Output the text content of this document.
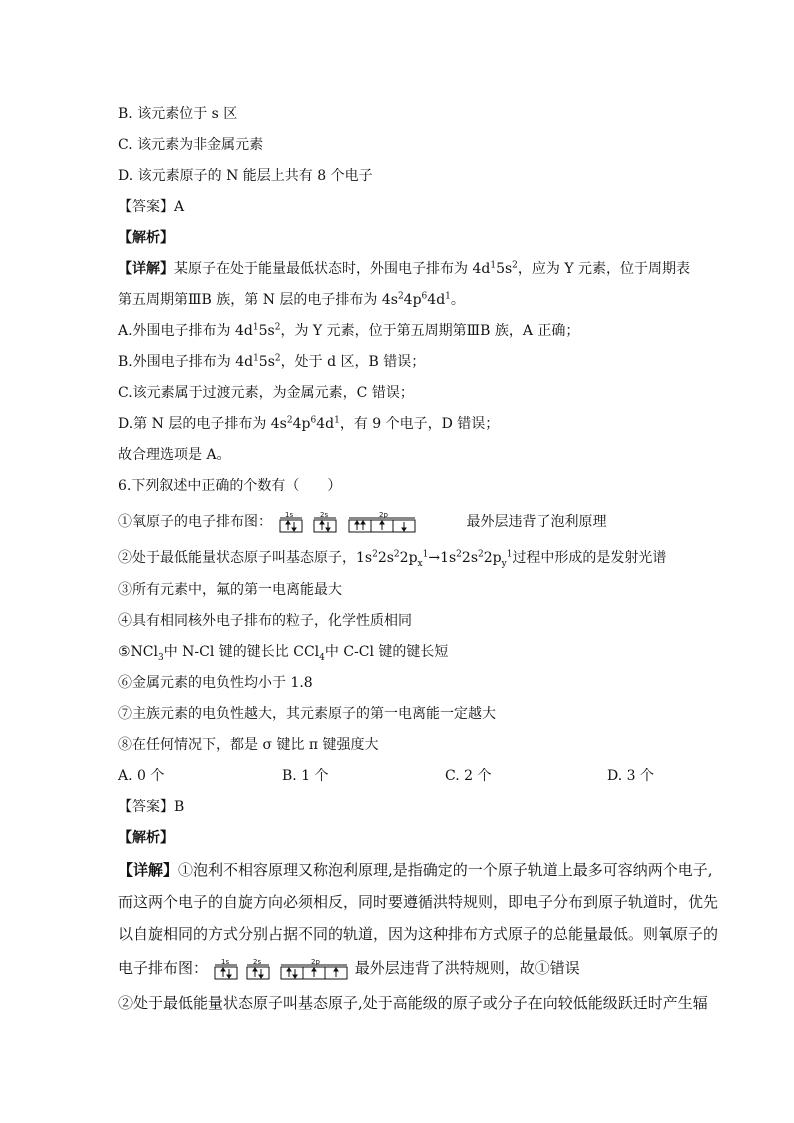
B. 该元素位于 s 区
C. 该元素为非金属元素
D. 该元素原子的 N 能层上共有 8 个电子
【答案】A
【解析】
【详解】某原子在处于能量最低状态时，外围电子排布为 $4d^15s^2$，应为 Y 元素，位于周期表
第五周期第ⅢB 族，第 N 层的电子排布为 $4s^24p^64d^1$。
A.外围电子排布为 $4d^15s^2$，为 Y 元素，位于第五周期第ⅢB 族，A 正确；
B.外围电子排布为 $4d^15s^2$，处于 d 区，B 错误；
C.该元素属于过渡元素，为金属元素，C 错误；
D.第 N 层的电子排布为 $4s^24p^64d^1$，有 9 个电子，D 错误；
故合理选项是 A。
6.下列叙述中正确的个数有（　　）
①氧原子的电子排布图： 1s	2s	2p	最外层违背了泡利原理
②处于最低能量状态原子叫基态原子，$1s^22s^22p_x^1\to 1s^22s^22p_y^1$过程中形成的是发射光谱
③所有元素中，氟的第一电离能最大
④具有相同核外电子排布的粒子，化学性质相同
⑤NCl$_3$中 N-Cl 键的键长比 CCl$_4$中 C-Cl 键的键长短
⑥金属元素的电负性均小于 1.8
⑦主族元素的电负性越大，其元素原子的第一电离能一定越大
⑧在任何情况下，都是 σ 键比 π 键强度大
A. 0 个	B. 1 个	C. 2 个	D. 3 个
【答案】B
【解析】
【详解】①泡利不相容原理又称泡利原理,是指确定的一个原子轨道上最多可容纳两个电子,
而这两个电子的自旋方向必须相反，同时要遵循洪特规则，即电子分布到原子轨道时，优先
以自旋相同的方式分别占据不同的轨道，因为这种排布方式原子的总能量最低。则氧原子的
电子排布图： 1s	2s	2p 最外层违背了洪特规则，故①错误
②处于最低能量状态原子叫基态原子,处于高能级的原子或分子在向较低能级跃迁时产生辐
